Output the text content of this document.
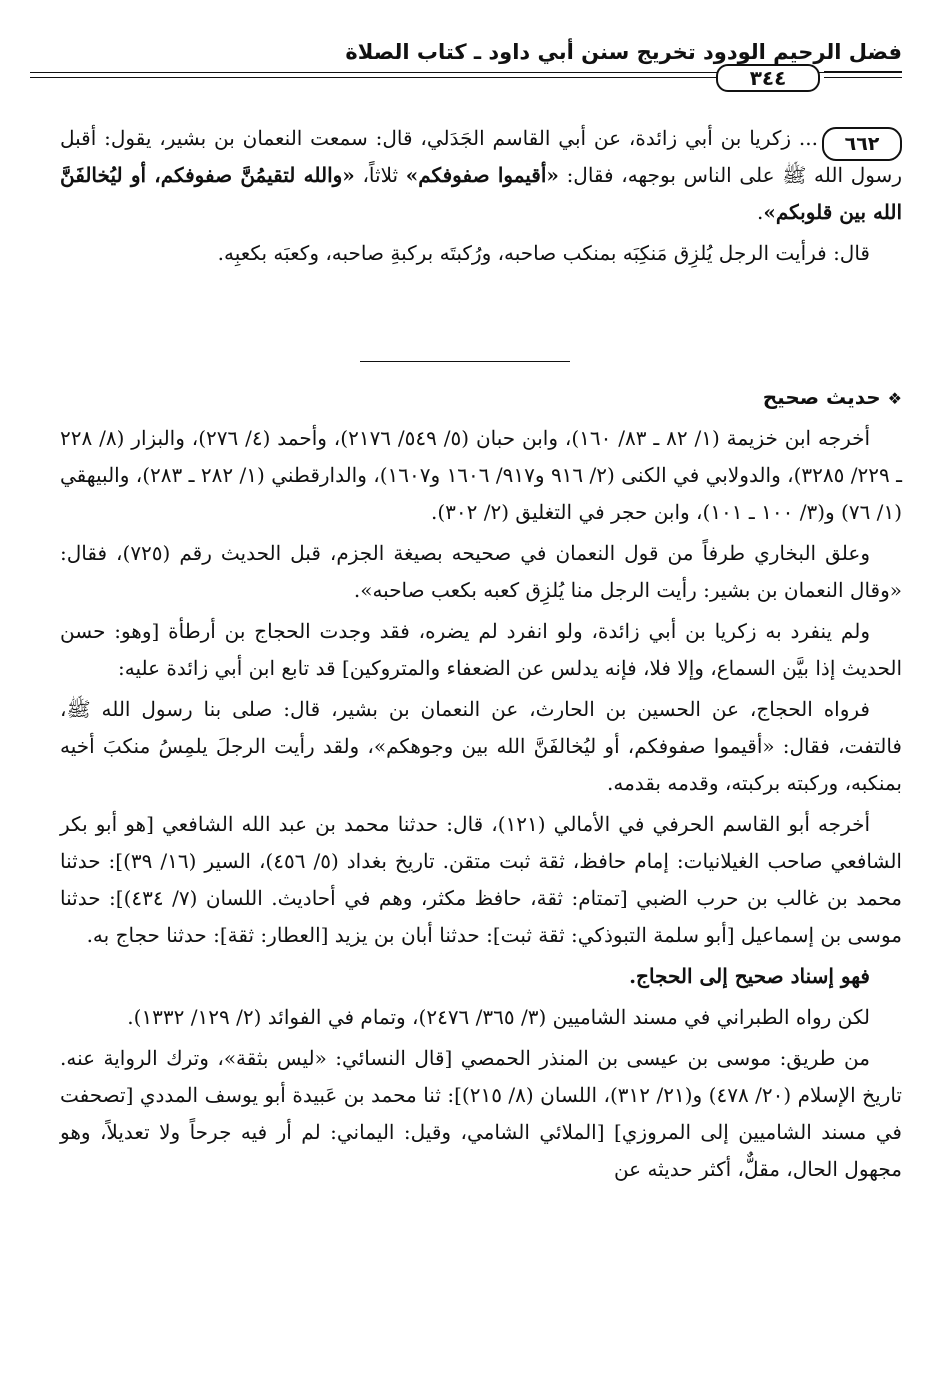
فضل الرحيم الودود تخريج سنن أبي داود ـ كتاب الصلاة
٣٤٤
٦٦٢

... زكريا بن أبي زائدة، عن أبي القاسم الجَدَلي، قال: سمعت النعمان بن بشير، يقول: أقبل رسول الله ﷺ على الناس بوجهه، فقال: «أقيموا صفوفكم» ثلاثاً، «والله لتقيمُنَّ صفوفكم، أو ليُخالفَنَّ الله بين قلوبكم».

قال: فرأيت الرجل يُلزِق مَنكِبَه بمنكب صاحبه، ورُكبتَه بركبةِ صاحبه، وكعبَه بكعبِه.

❖ حديث صحيح

أخرجه ابن خزيمة (١/ ٨٢ ـ ٨٣/ ١٦٠)، وابن حبان (٥/ ٥٤٩/ ٢١٧٦)، وأحمد (٤/ ٢٧٦)، والبزار (٨/ ٢٢٨ ـ ٢٢٩/ ٣٢٨٥)، والدولابي في الكنى (٢/ ٩١٦ و٩١٧/ ١٦٠٦ و١٦٠٧)، والدارقطني (١/ ٢٨٢ ـ ٢٨٣)، والبيهقي (١/ ٧٦) و(٣/ ١٠٠ ـ ١٠١)، وابن حجر في التغليق (٢/ ٣٠٢).

وعلق البخاري طرفاً من قول النعمان في صحيحه بصيغة الجزم، قبل الحديث رقم (٧٢٥)، فقال: «وقال النعمان بن بشير: رأيت الرجل منا يُلزِق كعبه بكعب صاحبه».

ولم ينفرد به زكريا بن أبي زائدة، ولو انفرد لم يضره، فقد وجدت الحجاج بن أرطأة [وهو: حسن الحديث إذا بيَّن السماع، وإلا فلا، فإنه يدلس عن الضعفاء والمتروكين] قد تابع ابن أبي زائدة عليه:

فرواه الحجاج، عن الحسين بن الحارث، عن النعمان بن بشير، قال: صلى بنا رسول الله ﷺ، فالتفت، فقال: «أقيموا صفوفكم، أو ليُخالفَنَّ الله بين وجوهكم»، ولقد رأيت الرجلَ يلمِسُ منكبَ أخيه بمنكبه، وركبته بركبته، وقدمه بقدمه.

أخرجه أبو القاسم الحرفي في الأمالي (١٢١)، قال: حدثنا محمد بن عبد الله الشافعي [هو أبو بكر الشافعي صاحب الغيلانيات: إمام حافظ، ثقة ثبت متقن. تاريخ بغداد (٥/ ٤٥٦)، السير (١٦/ ٣٩)]: حدثنا محمد بن غالب بن حرب الضبي [تمتام: ثقة، حافظ مكثر، وهم في أحاديث. اللسان (٧/ ٤٣٤)]: حدثنا موسى بن إسماعيل [أبو سلمة التبوذكي: ثقة ثبت]: حدثنا أبان بن يزيد [العطار: ثقة]: حدثنا حجاج به.

فهو إسناد صحيح إلى الحجاج.

لكن رواه الطبراني في مسند الشاميين (٣/ ٣٦٥/ ٢٤٧٦)، وتمام في الفوائد (٢/ ١٢٩/ ١٣٣٢).

من طريق: موسى بن عيسى بن المنذر الحمصي [قال النسائي: «ليس بثقة»، وترك الرواية عنه. تاريخ الإسلام (٢٠/ ٤٧٨) و(٢١/ ٣١٢)، اللسان (٨/ ٢١٥)]: ثنا محمد بن عَبيدة أبو يوسف المددي [تصحفت في مسند الشاميين إلى المروزي] [الملائي الشامي، وقيل: اليماني: لم أر فيه جرحاً ولا تعديلاً، وهو مجهول الحال، مقلٌّ، أكثر حديثه عن
